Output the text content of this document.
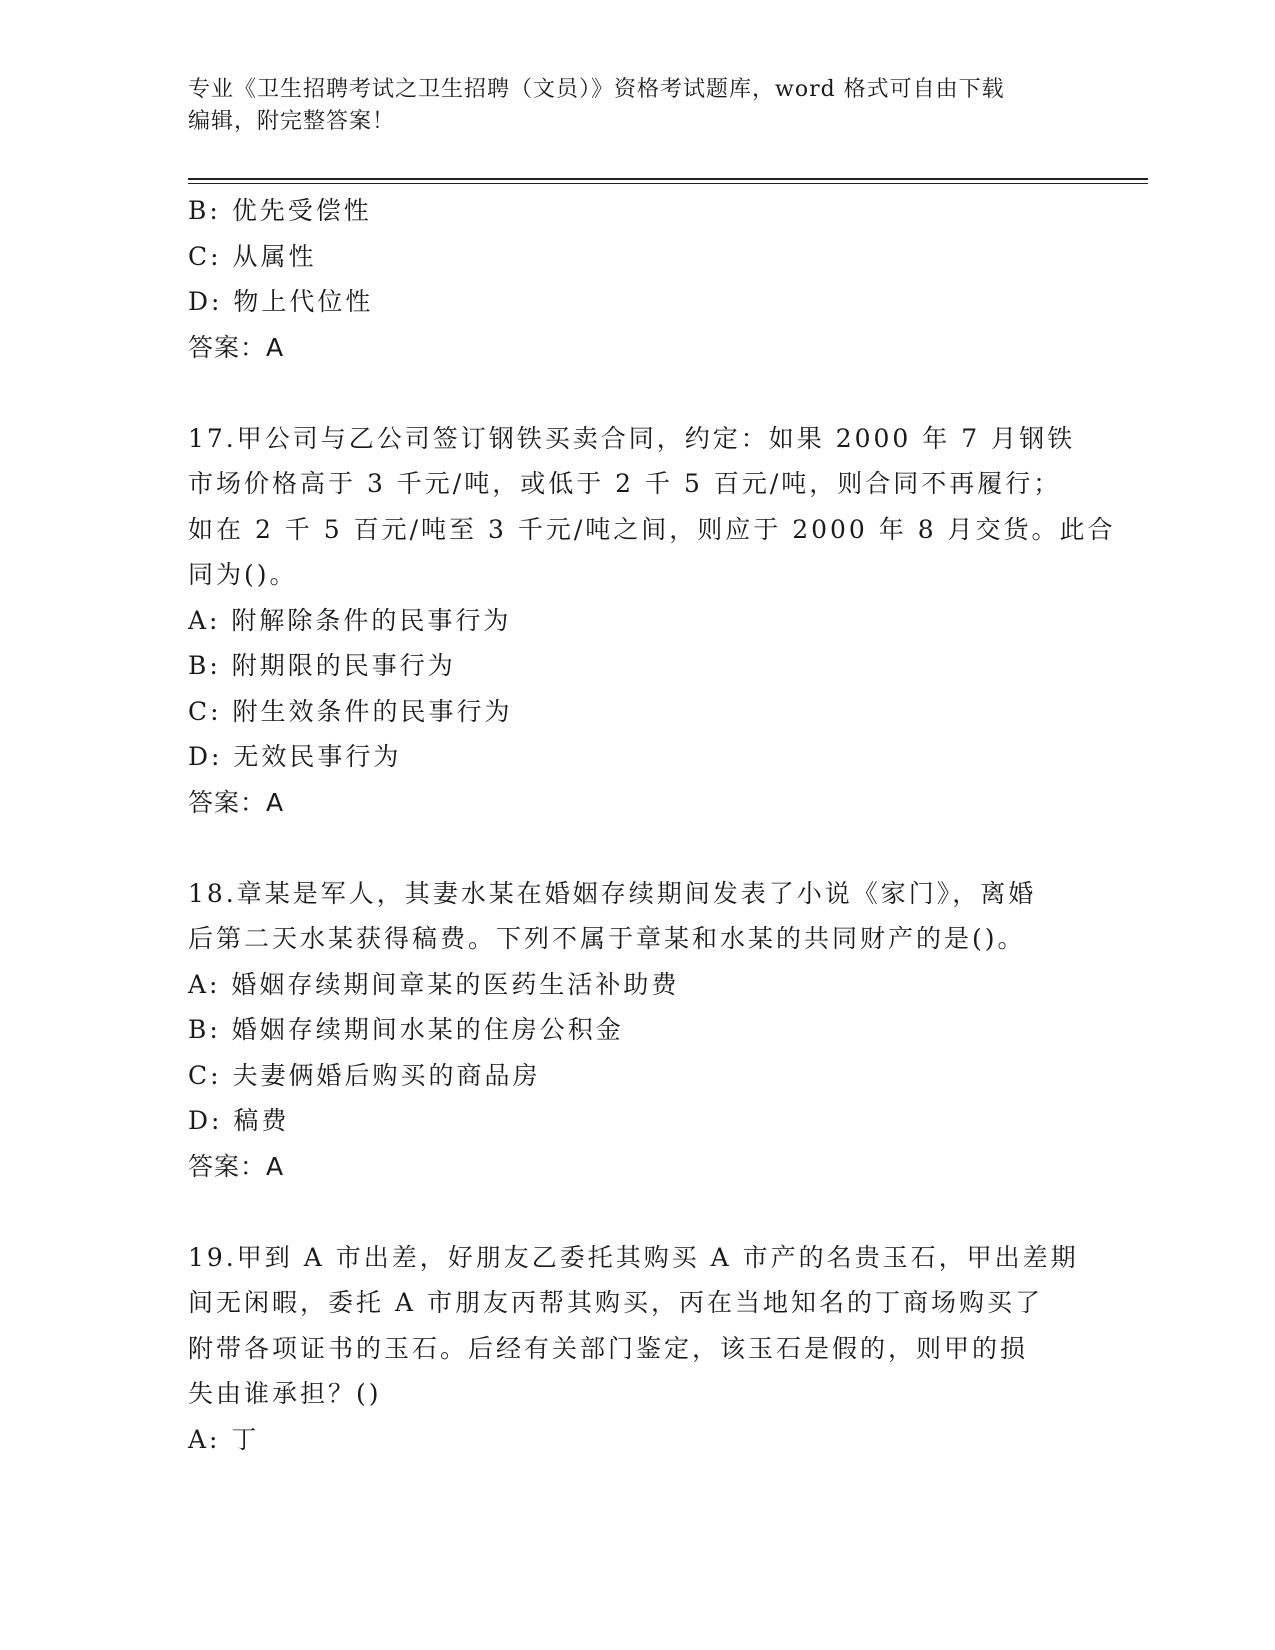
专业《卫生招聘考试之卫生招聘（文员）》资格考试题库，word 格式可自由下载
编辑，附完整答案！
B: 优先受偿性
C: 从属性
D: 物上代位性
答案：A
17.甲公司与乙公司签订钢铁买卖合同，约定：如果 2000 年 7 月钢铁
市场价格高于 3 千元/吨，或低于 2 千 5 百元/吨，则合同不再履行；
如在 2 千 5 百元/吨至 3 千元/吨之间，则应于 2000 年 8 月交货。此合
同为()。
A: 附解除条件的民事行为
B: 附期限的民事行为
C: 附生效条件的民事行为
D: 无效民事行为
答案：A
18.章某是军人，其妻水某在婚姻存续期间发表了小说《家门》，离婚
后第二天水某获得稿费。下列不属于章某和水某的共同财产的是()。
A: 婚姻存续期间章某的医药生活补助费
B: 婚姻存续期间水某的住房公积金
C: 夫妻俩婚后购买的商品房
D: 稿费
答案：A
19.甲到 A 市出差，好朋友乙委托其购买 A 市产的名贵玉石，甲出差期
间无闲暇，委托 A 市朋友丙帮其购买，丙在当地知名的丁商场购买了
附带各项证书的玉石。后经有关部门鉴定，该玉石是假的，则甲的损
失由谁承担？()
A: 丁
